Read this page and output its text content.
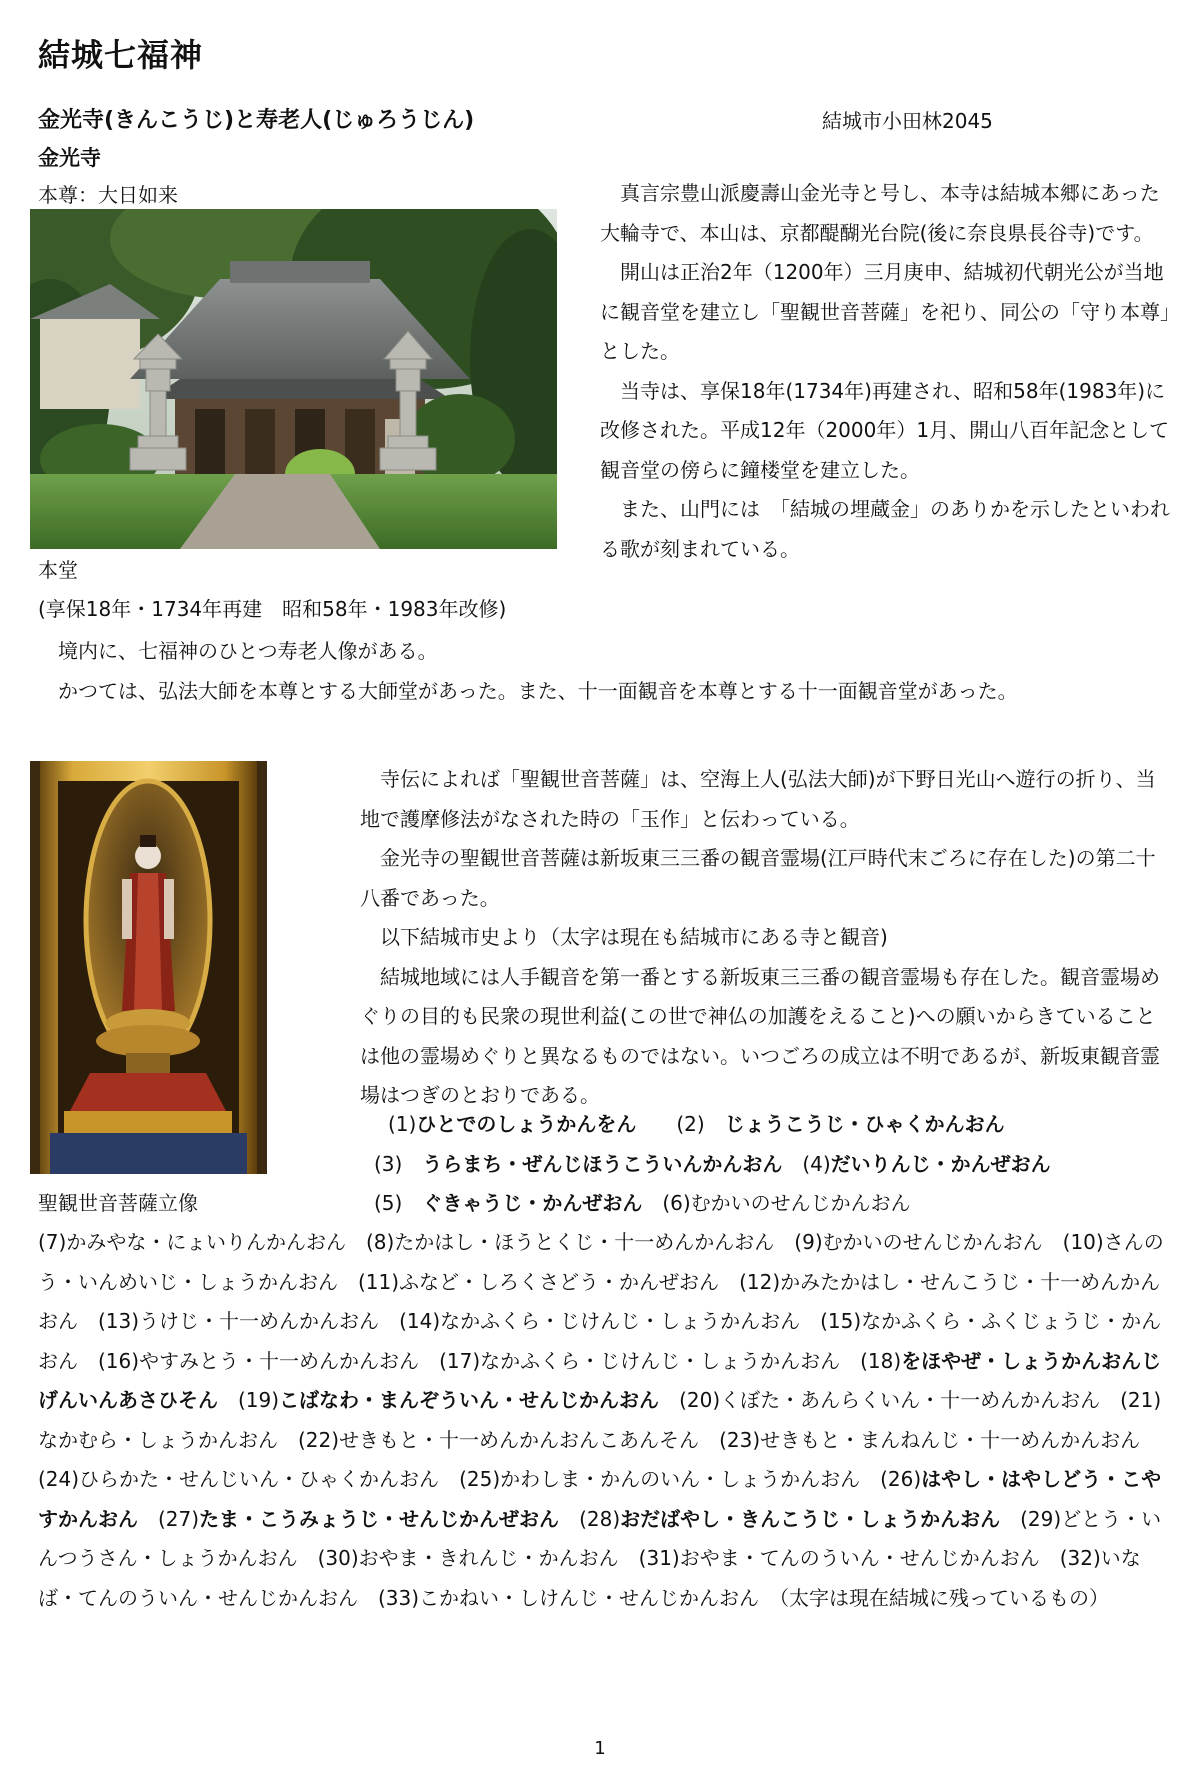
結城七福神
金光寺(きんこうじ)と寿老人(じゅろうじん)	結城市小田林2045
金光寺
本尊：大日如来
本堂
(享保18年・1734年再建　昭和58年・1983年改修)

真言宗豊山派慶壽山金光寺と号し、本寺は結城本郷にあった大輪寺で、本山は、京都醍醐光台院(後に奈良県長谷寺)です。

開山は正治2年（1200年）三月庚申、結城初代朝光公が当地に観音堂を建立し「聖観世音菩薩」を祀り、同公の「守り本尊」とした。

当寺は、享保18年(1734年)再建され、昭和58年(1983年)に改修された。平成12年（2000年）1月、開山八百年記念として観音堂の傍らに鐘楼堂を建立した。

また、山門には　「結城の埋蔵金」のありかを示したといわれる歌が刻まれている。

境内に、七福神のひとつ寿老人像がある。

かつては、弘法大師を本尊とする大師堂があった。また、十一面観音を本尊とする十一面観音堂があった。

聖観世音菩薩立像

寺伝によれば「聖観世音菩薩」は、空海上人(弘法大師)が下野日光山へ遊行の折り、当地で護摩修法がなされた時の「玉作」と伝わっている。

金光寺の聖観世音菩薩は新坂東三三番の観音霊場(江戸時代末ごろに存在した)の第二十八番であった。

以下結城市史より（太字は現在も結城市にある寺と観音)

結城地域には人手観音を第一番とする新坂東三三番の観音霊場も存在した。観音霊場めぐりの目的も民衆の現世利益(この世で神仏の加護をえること)への願いからきていることは他の霊場めぐりと異なるものではない。いつごろの成立は不明であるが、新坂東観音霊場はつぎのとおりである。

(1)ひとでのしょうかんをん　　 (2)　 じょうこうじ・ひゃくかんおん
(3)　 うらまち・ぜんじほうこういんかんおん　 (4)だいりんじ・かんぜおん
(5)　 ぐきゃうじ・かんぜおん　 (6)むかいのせんじかんおん
(7)かみやな・にょいりんかんおん　 (8)たかはし・ほうとくじ・十一めんかんおん　 (9)むかいのせんじかんおん　 (10)さんのう・いんめいじ・しょうかんおん　 (11)ふなど・しろくさどう・かんぜおん　 (12)かみたかはし・せんこうじ・十一めんかんおん　 (13)うけじ・十一めんかんおん　 (14)なかふくら・じけんじ・しょうかんおん　 (15)なかふくら・ふくじょうじ・かんおん　 (16)やすみとう・十一めんかんおん　 (17)なかふくら・じけんじ・しょうかんおん　 (18)をほやぜ・しょうかんおんじげんいんあさひそん　 (19)こばなわ・まんぞういん・せんじかんおん　 (20)くぼた・あんらくいん・十一めんかんおん　 (21)なかむら・しょうかんおん　 (22)せきもと・十一めんかんおんこあんそん　 (23)せきもと・まんねんじ・十一めんかんおん　(24)ひらかた・せんじいん・ひゃくかんおん　 (25)かわしま・かんのいん・しょうかんおん　 (26)はやし・はやしどう・こやすかんおん　 (27)たま・こうみょうじ・せんじかんぜおん　 (28)おだばやし・きんこうじ・しょうかんおん　 (29)どとう・いんつうさん・しょうかんおん　 (30)おやま・きれんじ・かんおん　 (31)おやま・てんのういん・せんじかんおん　 (32)いなば・てんのういん・せんじかんおん　 (33)こかねい・しけんじ・せんじかんおん　 （太字は現在結城に残っているもの）
1
